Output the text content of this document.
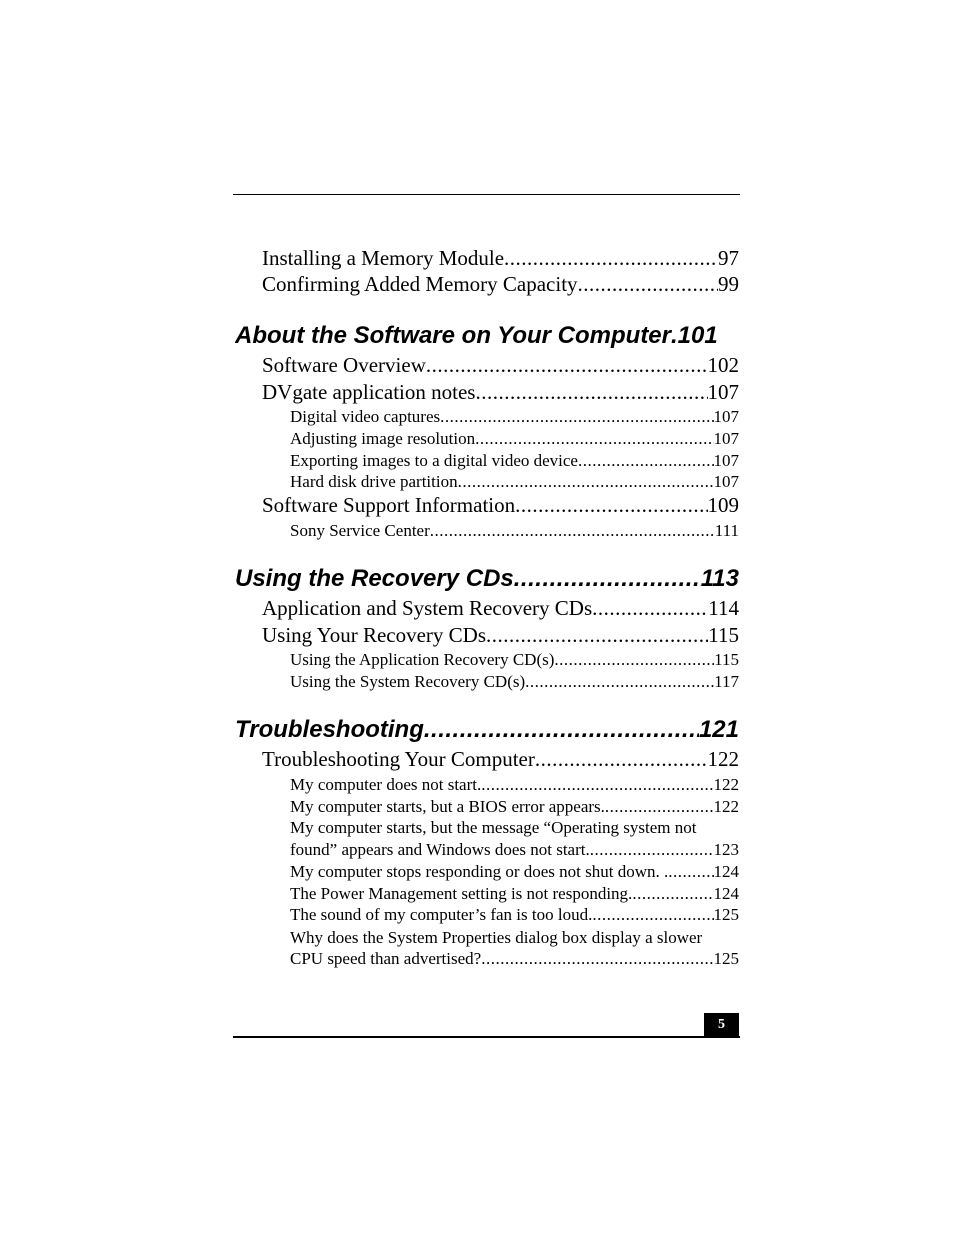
Installing a Memory Module .....	97
Confirming Added Memory Capacity .....	99
About the Software on Your Computer .101
Software Overview .....	102
DVgate application notes .....	107
Digital video captures .....	107
Adjusting image resolution .....	107
Exporting images to a digital video device .....	107
Hard disk drive partition .....	107
Software Support Information .....	109
Sony Service Center .....	111
Using the Recovery CDs .....	113
Application and System Recovery CDs .....	114
Using Your Recovery CDs .....	115
Using the Application Recovery CD(s) .....	115
Using the System Recovery CD(s) .....	117
Troubleshooting .....	121
Troubleshooting Your Computer .....	122
My computer does not start. .....	122
My computer starts, but a BIOS error appears. .....	122
My computer starts, but the message “Operating system not
found” appears and Windows does not start. .....	123
My computer stops responding or does not shut down. . .....	124
The Power Management setting is not responding. .....	124
The sound of my computer’s fan is too loud. .....	125
Why does the System Properties dialog box display a slower
CPU speed than advertised? .....	125
5
